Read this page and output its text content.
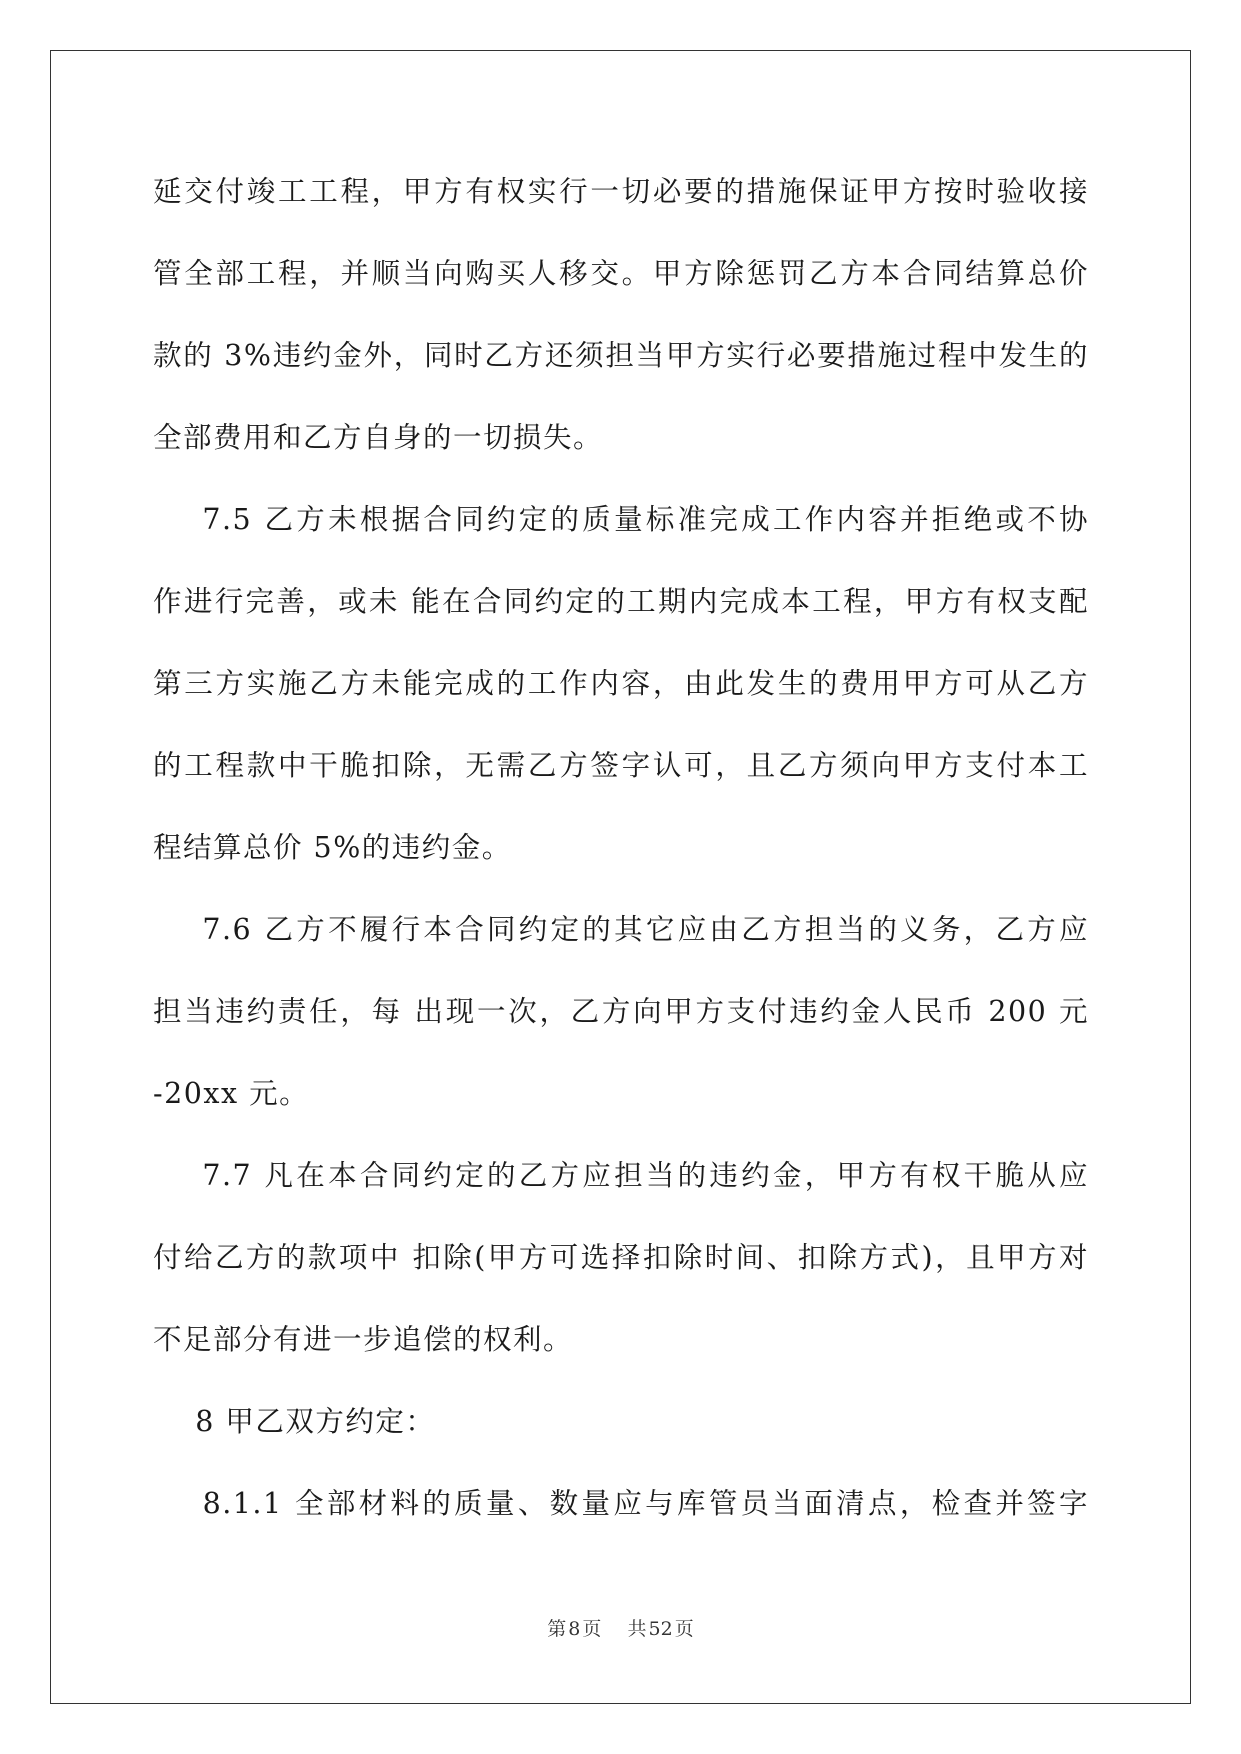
延交付竣工工程，甲方有权实行一切必要的措施保证甲方按时验收接
管全部工程，并顺当向购买人移交。甲方除惩罚乙方本合同结算总价
款的 3%违约金外，同时乙方还须担当甲方实行必要措施过程中发生的
全部费用和乙方自身的一切损失。
7.5 乙方未根据合同约定的质量标准完成工作内容并拒绝或不协
作进行完善，或未 能在合同约定的工期内完成本工程，甲方有权支配
第三方实施乙方未能完成的工作内容，由此发生的费用甲方可从乙方
的工程款中干脆扣除，无需乙方签字认可，且乙方须向甲方支付本工
程结算总价 5%的违约金。
7.6 乙方不履行本合同约定的其它应由乙方担当的义务，乙方应
担当违约责任，每 出现一次，乙方向甲方支付违约金人民币 200 元
-20xx 元。
7.7 凡在本合同约定的乙方应担当的违约金，甲方有权干脆从应
付给乙方的款项中 扣除(甲方可选择扣除时间、扣除方式)，且甲方对
不足部分有进一步追偿的权利。
8 甲乙双方约定：
8.1.1 全部材料的质量、数量应与库管员当面清点，检查并签字
第 8 页 共 52 页
